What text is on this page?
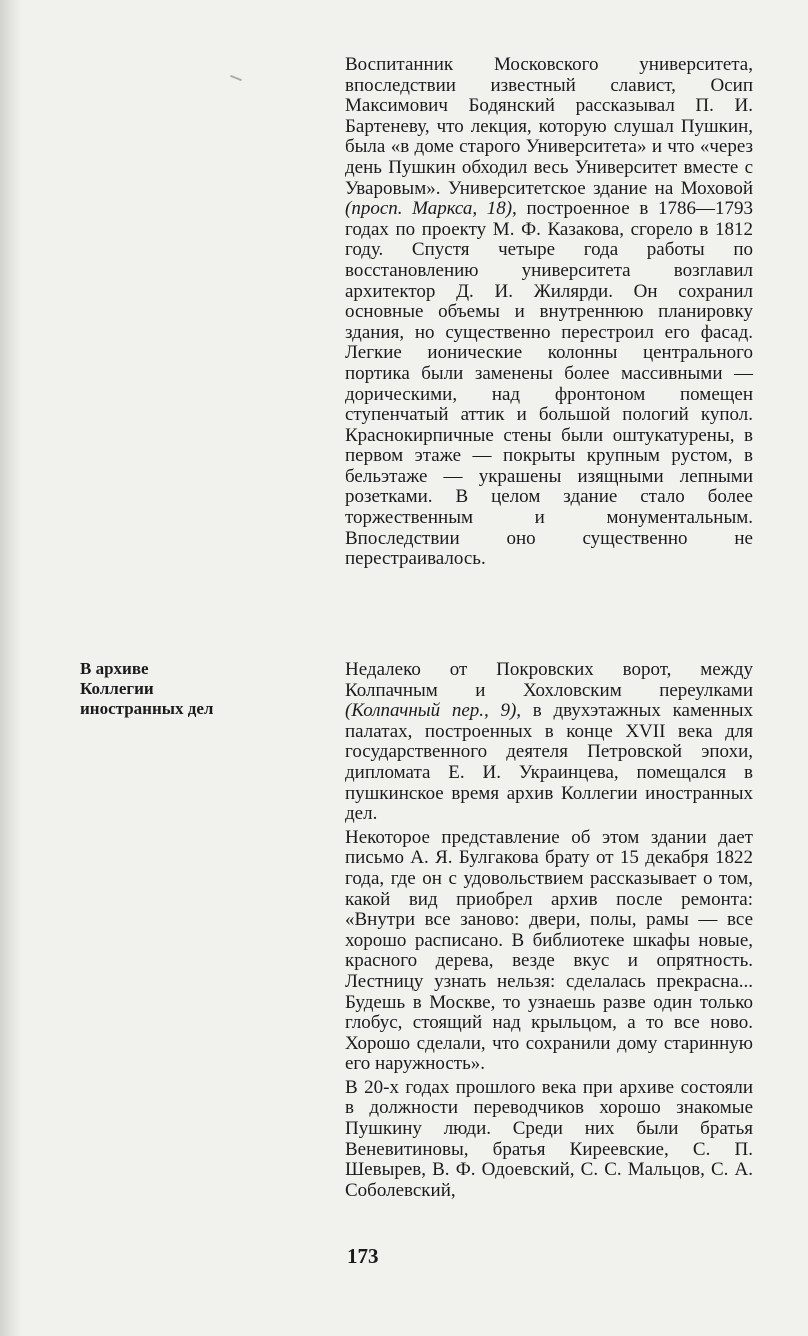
Воспитанник Московского университета, впоследствии известный славист, Осип Максимович Бодянский рассказывал П. И. Бартеневу, что лекция, которую слушал Пушкин, была «в доме старого Университета» и что «через день Пушкин обходил весь Университет вместе с Уваровым». Университетское здание на Моховой (просп. Маркса, 18), построенное в 1786—1793 годах по проекту М. Ф. Казакова, сгорело в 1812 году. Спустя четыре года работы по восстановлению университета возглавил архитектор Д. И. Жилярди. Он сохранил основные объемы и внутреннюю планировку здания, но существенно перестроил его фасад. Легкие ионические колонны центрального портика были заменены более массивными — дорическими, над фронтоном помещен ступенчатый аттик и большой пологий купол. Краснокирпичные стены были оштукатурены, в первом этаже — покрыты крупным рустом, в бельэтаже — украшены изящными лепными розетками. В целом здание стало более торжественным и монументальным. Впоследствии оно существенно не перестраивалось.

В архиве
Коллегии
иностранных дел

Недалеко от Покровских ворот, между Колпачным и Хохловским переулками (Колпачный пер., 9), в двухэтажных каменных палатах, построенных в конце XVII века для государственного деятеля Петровской эпохи, дипломата Е. И. Украинцева, помещался в пушкинское время архив Коллегии иностранных дел.

Некоторое представление об этом здании дает письмо А. Я. Булгакова брату от 15 декабря 1822 года, где он с удовольствием рассказывает о том, какой вид приобрел архив после ремонта: «Внутри все заново: двери, полы, рамы — все хорошо расписано. В библиотеке шкафы новые, красного дерева, везде вкус и опрятность. Лестницу узнать нельзя: сделалась прекрасна... Будешь в Москве, то узнаешь разве один только глобус, стоящий над крыльцом, а то все ново. Хорошо сделали, что сохранили дому старинную его наружность».

В 20-х годах прошлого века при архиве состояли в должности переводчиков хорошо знакомые Пушкину люди. Среди них были братья Веневитиновы, братья Киреевские, С. П. Шевырев, В. Ф. Одоевский, С. С. Мальцов, С. А. Соболевский,

173
